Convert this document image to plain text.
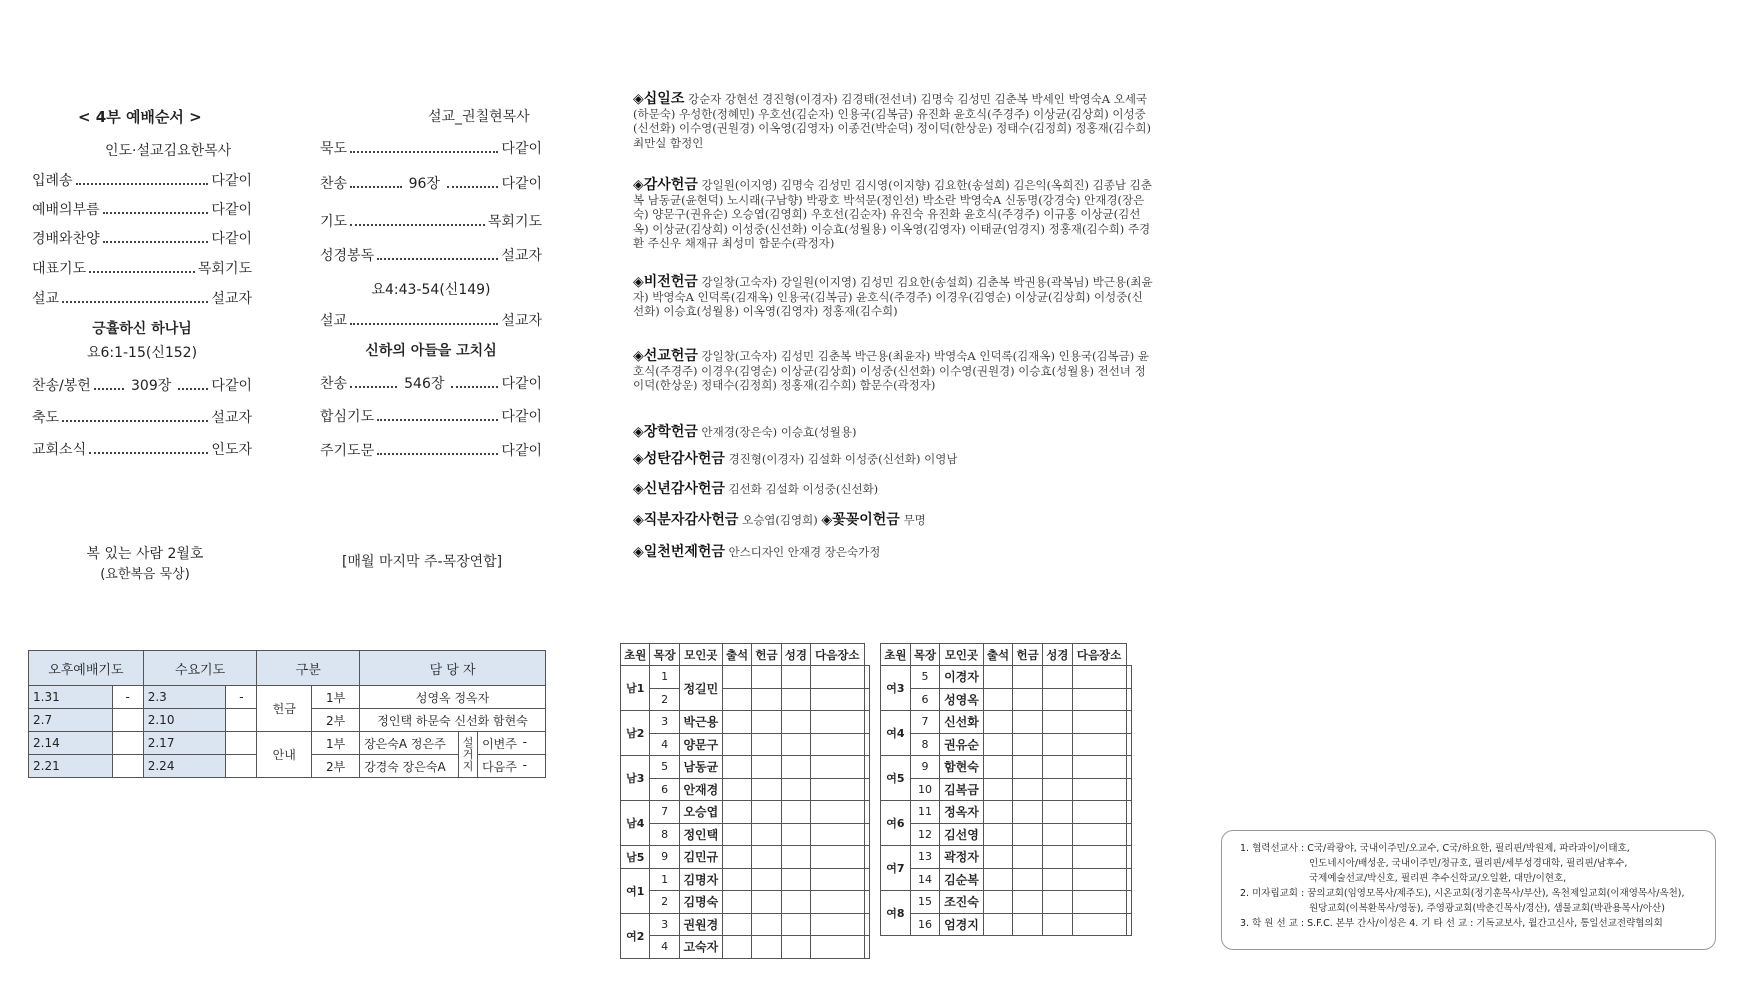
< 4부 예배순서 >
인도·설교김요한목사
입례송	다같이
예배의부름	다같이
경배와찬양	다같이
대표기도	목회기도
설교	설교자
긍휼하신 하나님
요6:1-15(신152)
찬송/봉헌	309장	다같이
축도	설교자
교회소식	인도자
설교_권칠현목사
묵도	다같이
찬송	96장	다같이
기도	목회기도
성경봉독	설교자
요4:43-54(신149)
설교	설교자
신하의 아들을 고치심
찬송	546장	다같이
합심기도	다같이
주기도문	다같이
복 있는 사람 2월호
(요한복음 묵상)
[매월 마지막 주-목장연합]
◈십일조 강순자 강현선 경진형(이경자) 김경태(전선녀) 김명숙 김성민 김춘복 박세인 박영숙A 오세국(하문숙) 우성한(정혜민) 우호선(김순자) 인용국(김복금) 유진화 윤호식(주경주) 이상균(김상희) 이성중(신선화) 이수영(권원경) 이옥영(김영자) 이종건(박순덕) 정이덕(한상운) 정태수(김정희) 정홍재(김수희) 최만실 함정인
◈감사헌금 강일원(이지영) 김명숙 김성민 김시영(이지향) 김요한(송설희) 김은익(옥희진) 김종남 김춘복 남동균(윤현덕) 노시래(구남향) 박광호 박석문(정인선) 박소란 박영숙A 신동명(강경숙) 안재경(장은숙) 양문구(권유순) 오승엽(김영희) 우호선(김순자) 유진숙 유진화 윤호식(주경주) 이규홍 이상균(김선옥) 이상균(김상희) 이성중(신선화) 이승효(성월용) 이옥영(김영자) 이태균(엄경지) 정홍재(김수희) 주경환 주신우 채재규 최성미 함문수(곽정자)
◈비전헌금 강일창(고숙자) 강일원(이지영) 김성민 김요한(송설희) 김춘복 박권용(곽복님) 박근용(최윤자) 박영숙A 인덕록(김재옥) 인용국(김복금) 윤호식(주경주) 이경우(김영순) 이상균(김상희) 이성중(신선화) 이승효(성월용) 이옥영(김영자) 정홍재(김수희)
◈선교헌금 강일창(고숙자) 김성민 김춘복 박근용(최윤자) 박영숙A 인덕록(김재옥) 인용국(김복금) 윤호식(주경주) 이경우(김영순) 이상균(김상희) 이성중(신선화) 이수영(권원경) 이승효(성월용) 전선녀 정이덕(한상운) 정태수(김정희) 정홍재(김수희) 함문수(곽정자)
◈장학헌금 안재경(장은숙) 이승효(성월용)
◈성탄감사헌금 경진형(이경자) 김설화 이성중(신선화) 이영남
◈신년감사헌금 김선화 김설화 이성중(신선화)
◈직분자감사헌금 오승엽(김영희) ◈꽃꽂이헌금 무명
◈일천번제헌금 안스디자인 안재경 장은숙가정
오후예배기도		수요기도		구분		담 당 자		
1.31	-	2.3	-	헌금	1부	성영옥 정옥자		
2.7		2.10			2부	정인택 하문숙 신선화 함현숙		
2.14		2.17		안내	1부	장은숙A 정은주	설거지	이변주 -

2.21		2.24			2부	강경숙 장은숙A		다음주 -
초원	목장	모인곳	출석	헌금	성경	다음장소	
남1	1	정길민					
	2						
남2	3	박근용					
	4	양문구					
남3	5	남동균					
	6	안재경					
남4	7	오승엽					
	8	정인택					
남5	9	김민규					
여1	1	김명자					
	2	김명숙					
여2	3	권원경					
	4	고숙자					
초원	목장	모인곳	출석	헌금	성경	다음장소	
여3	5	이경자					
	6	성영옥					
여4	7	신선화					
	8	권유순					
여5	9	함현숙					
	10	김복금					
여6	11	정옥자					
	12	김선영					
여7	13	곽정자					
	14	김순복					
여8	15	조진숙					
	16	엄경지					
1. 협력선교사 : C국/곽광야, 국내이주민/오교수, C국/하요한, 필리핀/박원제, 파라과이/이태호,
인도네시아/배성운, 국내이주민/정규호, 필리핀/세부성경대학, 필리핀/남후수,
국제예술선교/박신호, 필리핀 추수신학교/오일환, 대만/이현호,
2. 미자립교회 : 꿈의교회(임영모목사/제주도), 시온교회(정기훈목사/부산), 옥천제일교회(이재영목사/옥천),
원당교회(이복환목사/영동), 주영광교회(박춘긴목사/경산), 샘물교회(박관용목사/아산)
3. 학 원 선 교 : S.F.C. 본부 간사/이성은 4. 기 타 선 교 : 기독교보사, 월간고신사, 통일선교전략협의회
